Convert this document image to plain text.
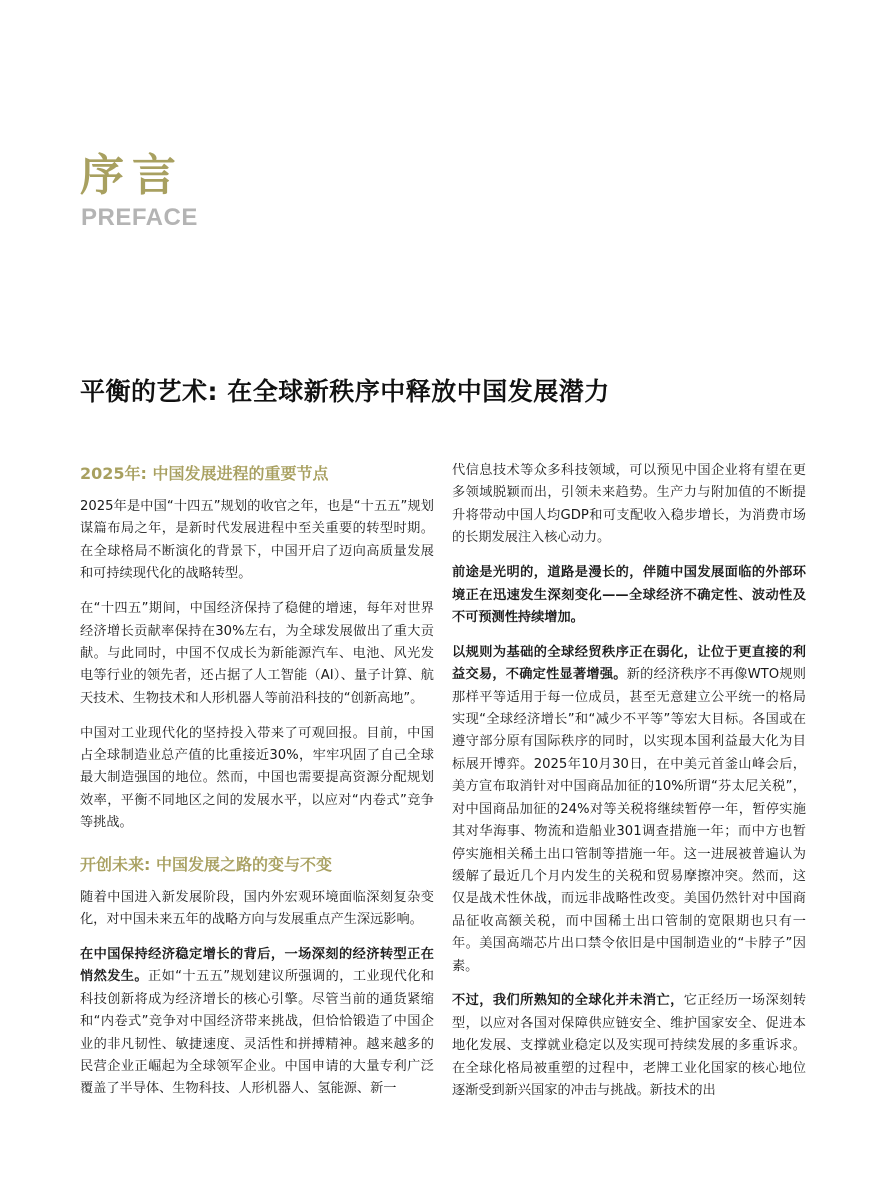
序言
PREFACE
平衡的艺术: 在全球新秩序中释放中国发展潜力
2025年: 中国发展进程的重要节点

2025年是中国“十四五”规划的收官之年，也是“十五五”规划谋篇布局之年，是新时代发展进程中至关重要的转型时期。在全球格局不断演化的背景下，中国开启了迈向高质量发展和可持续现代化的战略转型。

在“十四五”期间，中国经济保持了稳健的增速，每年对世界经济增长贡献率保持在30%左右，为全球发展做出了重大贡献。与此同时，中国不仅成长为新能源汽车、电池、风光发电等行业的领先者，还占据了人工智能（AI）、量子计算、航天技术、生物技术和人形机器人等前沿科技的“创新高地”。

中国对工业现代化的坚持投入带来了可观回报。目前，中国占全球制造业总产值的比重接近30%，牢牢巩固了自己全球最大制造强国的地位。然而，中国也需要提高资源分配规划效率，平衡不同地区之间的发展水平，以应对“内卷式”竞争等挑战。

开创未来: 中国发展之路的变与不变

随着中国进入新发展阶段，国内外宏观环境面临深刻复杂变化，对中国未来五年的战略方向与发展重点产生深远影响。

在中国保持经济稳定增长的背后，一场深刻的经济转型正在悄然发生。正如“十五五”规划建议所强调的，工业现代化和科技创新将成为经济增长的核心引擎。尽管当前的通货紧缩和“内卷式”竞争对中国经济带来挑战，但恰恰锻造了中国企业的非凡韧性、敏捷速度、灵活性和拼搏精神。越来越多的民营企业正崛起为全球领军企业。中国申请的大量专利广泛覆盖了半导体、生物科技、人形机器人、氢能源、新一

代信息技术等众多科技领域，可以预见中国企业将有望在更多领域脱颖而出，引领未来趋势。生产力与附加值的不断提升将带动中国人均GDP和可支配收入稳步增长，为消费市场的长期发展注入核心动力。

前途是光明的，道路是漫长的，伴随中国发展面临的外部环境正在迅速发生深刻变化——全球经济不确定性、波动性及不可预测性持续增加。

以规则为基础的全球经贸秩序正在弱化，让位于更直接的利益交易，不确定性显著增强。新的经济秩序不再像WTO规则那样平等适用于每一位成员，甚至无意建立公平统一的格局实现“全球经济增长”和“减少不平等”等宏大目标。各国或在遵守部分原有国际秩序的同时，以实现本国利益最大化为目标展开博弈。2025年10月30日，在中美元首釜山峰会后，美方宣布取消针对中国商品加征的10%所谓“芬太尼关税”，对中国商品加征的24%对等关税将继续暂停一年，暂停实施其对华海事、物流和造船业301调查措施一年；而中方也暂停实施相关稀土出口管制等措施一年。这一进展被普遍认为缓解了最近几个月内发生的关税和贸易摩擦冲突。然而，这仅是战术性休战，而远非战略性改变。美国仍然针对中国商品征收高额关税，而中国稀土出口管制的宽限期也只有一年。美国高端芯片出口禁令依旧是中国制造业的“卡脖子”因素。

不过，我们所熟知的全球化并未消亡，它正经历一场深刻转型，以应对各国对保障供应链安全、维护国家安全、促进本地化发展、支撑就业稳定以及实现可持续发展的多重诉求。在全球化格局被重塑的过程中，老牌工业化国家的核心地位逐渐受到新兴国家的冲击与挑战。新技术的出
